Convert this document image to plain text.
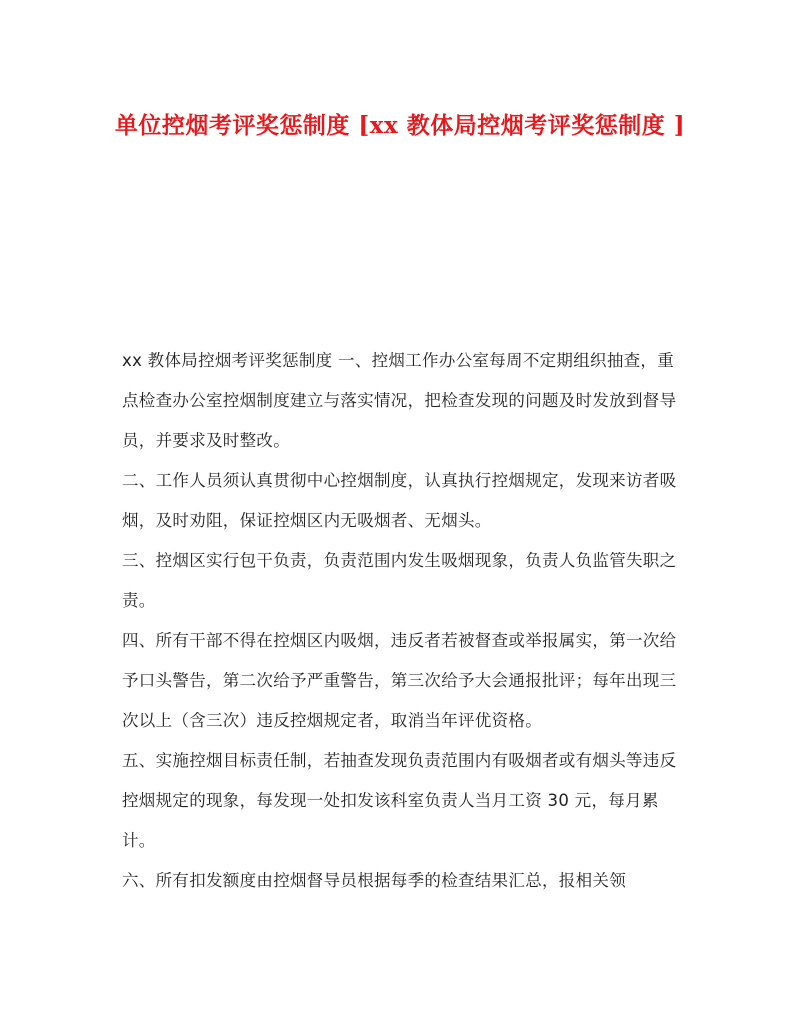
单位控烟考评奖惩制度 [xx 教体局控烟考评奖惩制度 ]

xx 教体局控烟考评奖惩制度 一、控烟工作办公室每周不定期组织抽查，重点检查办公室控烟制度建立与落实情况，把检查发现的问题及时发放到督导员，并要求及时整改。

二、工作人员须认真贯彻中心控烟制度，认真执行控烟规定，发现来访者吸烟，及时劝阻，保证控烟区内无吸烟者、无烟头。

三、控烟区实行包干负责，负责范围内发生吸烟现象，负责人负监管失职之责。

四、所有干部不得在控烟区内吸烟，违反者若被督查或举报属实，第一次给予口头警告，第二次给予严重警告，第三次给予大会通报批评；每年出现三次以上（含三次）违反控烟规定者，取消当年评优资格。

五、实施控烟目标责任制，若抽查发现负责范围内有吸烟者或有烟头等违反控烟规定的现象，每发现一处扣发该科室负责人当月工资 30 元，每月累计。

六、所有扣发额度由控烟督导员根据每季的检查结果汇总，报相关领
